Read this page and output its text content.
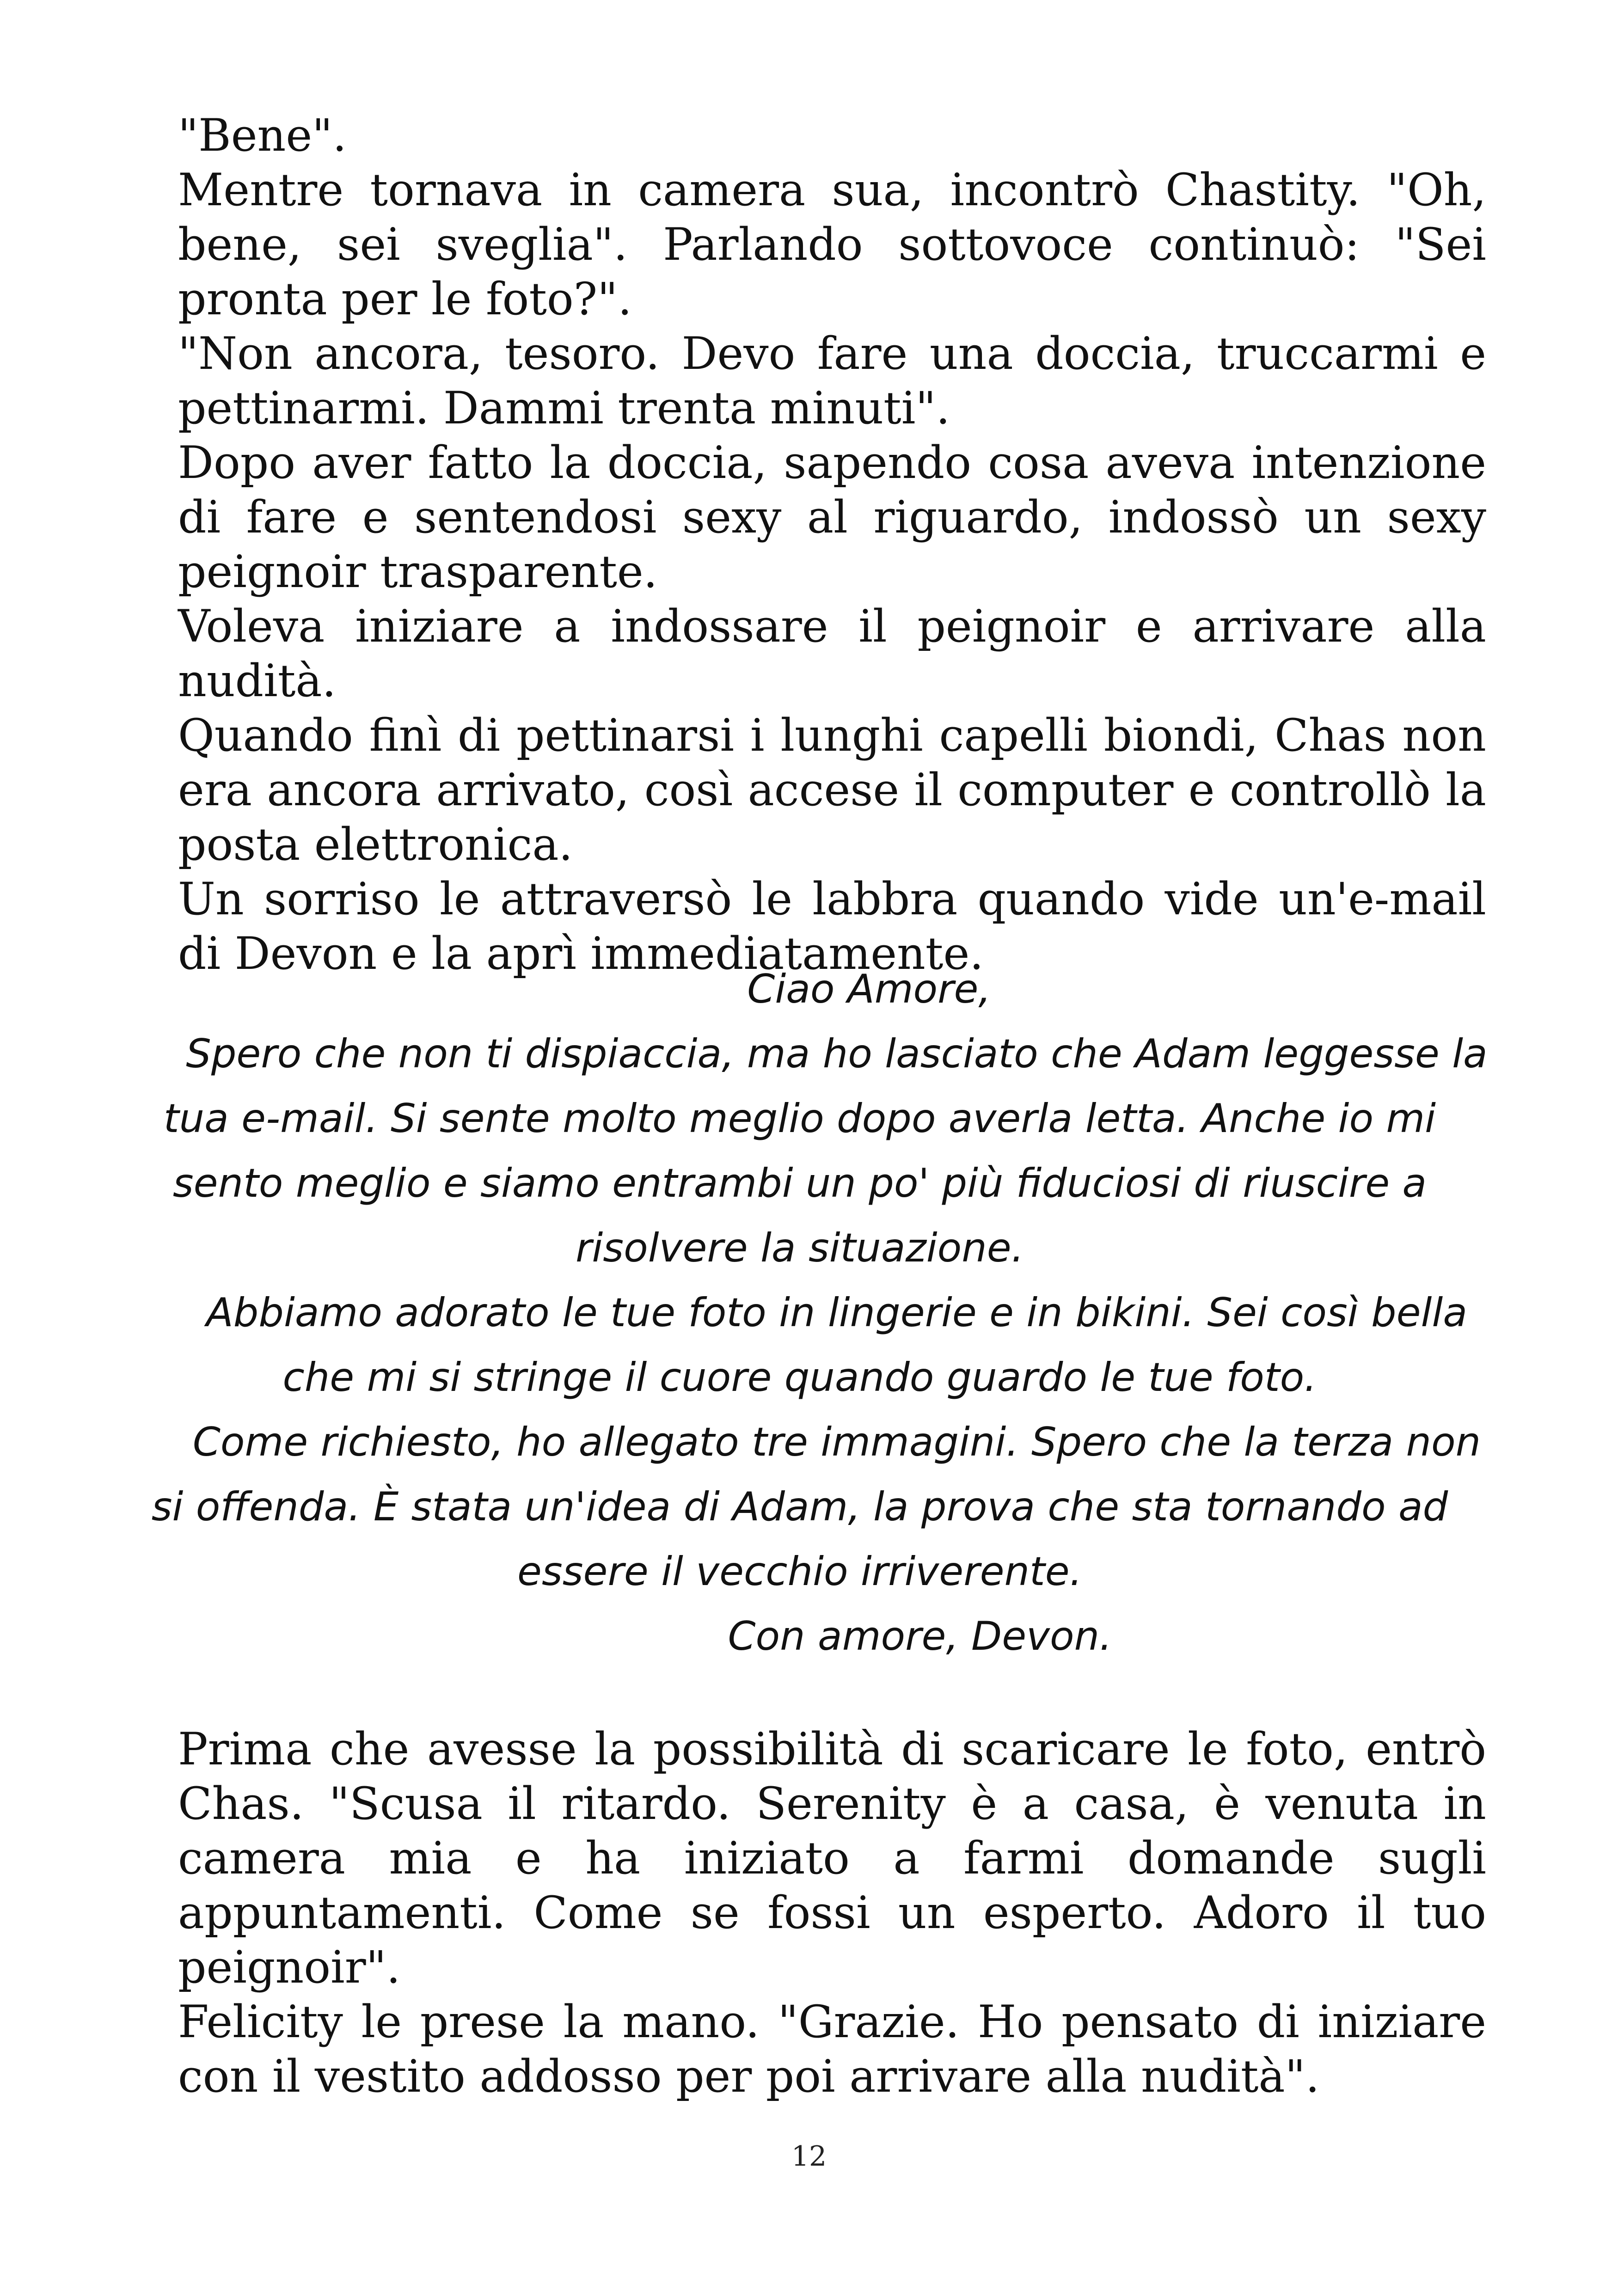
"Bene".

Mentre tornava in camera sua, incontrò Chastity. "Oh, bene, sei sveglia". Parlando sottovoce continuò: "Sei pronta per le foto?".

"Non ancora, tesoro. Devo fare una doccia, truccarmi e pettinarmi. Dammi trenta minuti".

Dopo aver fatto la doccia, sapendo cosa aveva intenzione di fare e sentendosi sexy al riguardo, indossò un sexy peignoir trasparente.

Voleva iniziare a indossare il peignoir e arrivare alla nudità.

Quando finì di pettinarsi i lunghi capelli biondi, Chas non era ancora arrivato, così accese il computer e controllò la posta elettronica.

Un sorriso le attraversò le labbra quando vide un'e-mail di Devon e la aprì immediatamente.

Ciao Amore,

Spero che non ti dispiaccia, ma ho lasciato che Adam leggesse la tua e-mail. Si sente molto meglio dopo averla letta. Anche io mi sento meglio e siamo entrambi un po' più fiduciosi di riuscire a risolvere la situazione.

Abbiamo adorato le tue foto in lingerie e in bikini. Sei così bella che mi si stringe il cuore quando guardo le tue foto.

Come richiesto, ho allegato tre immagini. Spero che la terza non si offenda. È stata un'idea di Adam, la prova che sta tornando ad essere il vecchio irriverente.

Con amore, Devon.

Prima che avesse la possibilità di scaricare le foto, entrò Chas. "Scusa il ritardo. Serenity è a casa, è venuta in camera mia e ha iniziato a farmi domande sugli appuntamenti. Come se fossi un esperto. Adoro il tuo peignoir".

Felicity le prese la mano. "Grazie. Ho pensato di iniziare con il vestito addosso per poi arrivare alla nudità".

12
